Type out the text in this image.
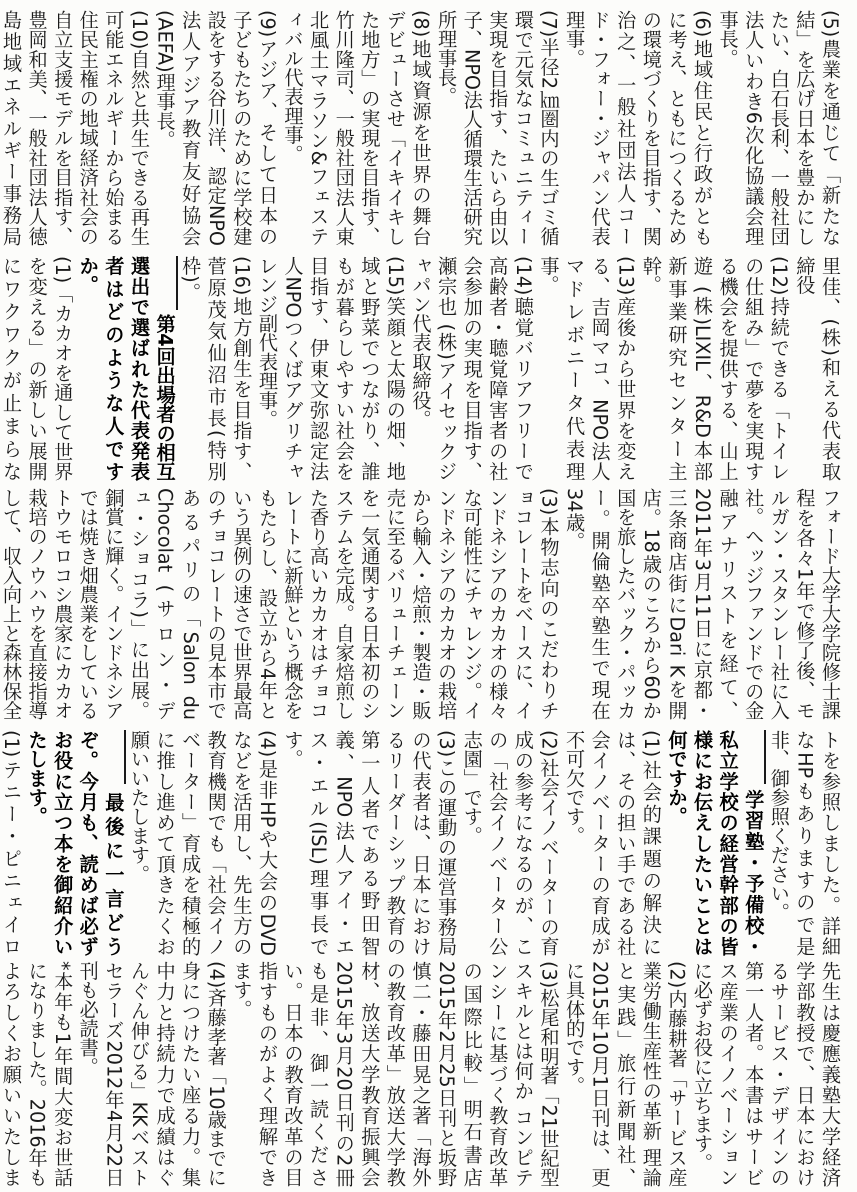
(5)農業を通じて「新たな結」を広げ日本を豊かにしたい、白石長利、一般社団法人いわき6次化協議会理事長。
(6)地域住民と行政がともに考え、ともにつくるための環境づくりを目指す、関治之、一般社団法人コード・フォー・ジャパン代表理事。
(7)半径2㎞圏内の生ゴミ循環で元気なコミュニティー実現を目指す、たいら由以子、NPO法人循環生活研究所理事長。
(8)地域資源を世界の舞台デビューさせ「イキイキした地方」の実現を目指す、竹川隆司、一般社団法人東北風土マラソン&フェスティバル代表理事。
(9)アジア、そして日本の子どもたちのために学校建設をする谷川洋、認定NPO法人アジア教育友好協会(AEFA)理事長。
(10)自然と共生できる再生可能エネルギーから始まる住民主権の地域経済社会の自立支援モデルを目指す、豊岡和美、一般社団法人徳島地域エネルギー事務局
里佳、(株)和える代表取締役
(12)持続できる「トイレの仕組み」で夢を実現する機会を提供する、山上遊 (株)LIXIL、R&D本部新事業研究センター主幹。
(13)産後から世界を変える、吉岡マコ、NPO法人マドレボニータ代表理事。
(14)聴覚バリアフリーで高齢者・聴覚障害者の社会参加の実現を目指す、瀬宗也 (株)アイセックジャパン代表取締役。
(15)笑顔と太陽の畑、地域と野菜でつながり、誰もが暮らしやすい社会を目指す、伊東文弥認定法人NPOつくばアグリチャレンジ副代表理事。
(16)地方創生を目指す、菅原茂気仙沼市長(特別枠)。
第4回出場者の相互選出で選ばれた代表発表者はどのような人ですか。
(1)「カカオを通して世界を変える」の新しい展開にワクワクが止まらな
フォード大学大学院修士課程を各々1年で修了後、モルガン・スタンレー社に入社。ヘッジファンドでの金融アナリストを経て、2011年3月11日に京都・三条商店街にDari Kを開店。18歳のころから60か国を旅したバック・パッカー。開倫塾卒塾生で現在34歳。
(3)本物志向のこだわりチョコレートをベースに、インドネシアのカカオの様々な可能性にチャレンジ。インドネシアのカカオの栽培から輸入・焙煎・製造・販売に至るバリューチェーンを一気通関する日本初のシステムを完成。自家焙煎した香り高いカカオはチョコレートに新鮮という概念をもたらし、設立から4年という異例の速さで世界最高のチョコレートの見本市であるパリの「Salon du Chocolat (サロン・デュ・ショコラ)」に出展。銅賞に輝く。インドネシアでは焼き畑農業をしているトウモロコシ農家にカカオ栽培のノウハウを直接指導して、収入向上と森林保全
トを参照しました。詳細なHPもありますので是非、御参照ください。
学習塾・予備校・私立学校の経営幹部の皆様にお伝えしたいことは何ですか。
(1)社会的課題の解決には、その担い手である社会イノベーターの育成が不可欠です。
(2)社会イノベーターの育成の参考になるのが、この「社会イノベーター公志園」です。
(3)この運動の運営事務局の代表者は、日本におけるリーダーシップ教育の第一人者である野田智義、NPO法人アイ・エス・エル(ISL)理事長です。
(4)是非HPや大会のDVDなどを活用し、先生方の教育機関でも「社会イノベーター」育成を積極的に推し進めて頂きたくお願いいたします。
最後に一言どうぞ。今月も、読めば必ずお役に立つ本を御紹介いたします。
(1)テニー・ピニェイロ
先生は慶應義塾大学経済学部教授で、日本におけるサービス・デザインの第一人者。本書はサービス産業のイノベーションに必ずお役に立ちます。
(2)内藤耕著「サービス産業労働生産性の革新 理論と実践」旅行新聞社、2015年10月1日刊は、更に具体的です。
(3)松尾和明著「21世紀型スキルとは何か コンピテンシーに基づく教育改革の国際比較」明石書店2015年2月25日刊と坂野慎二・藤田晃之著「海外の教育改革」放送大学教材、放送大学教育振興会2015年3月20日刊の2冊も是非、御一読ください。日本の教育改革の目指すものがよく理解できます。
(4)斉藤孝著「10歳までに身につけたい座る力。集中力と持続力で成績はぐんぐん伸びる」KKベストセラーズ2012年4月22日刊も必読書。
*本年も1年間大変お世話になりました。2016年もよろしくお願いいたしま
